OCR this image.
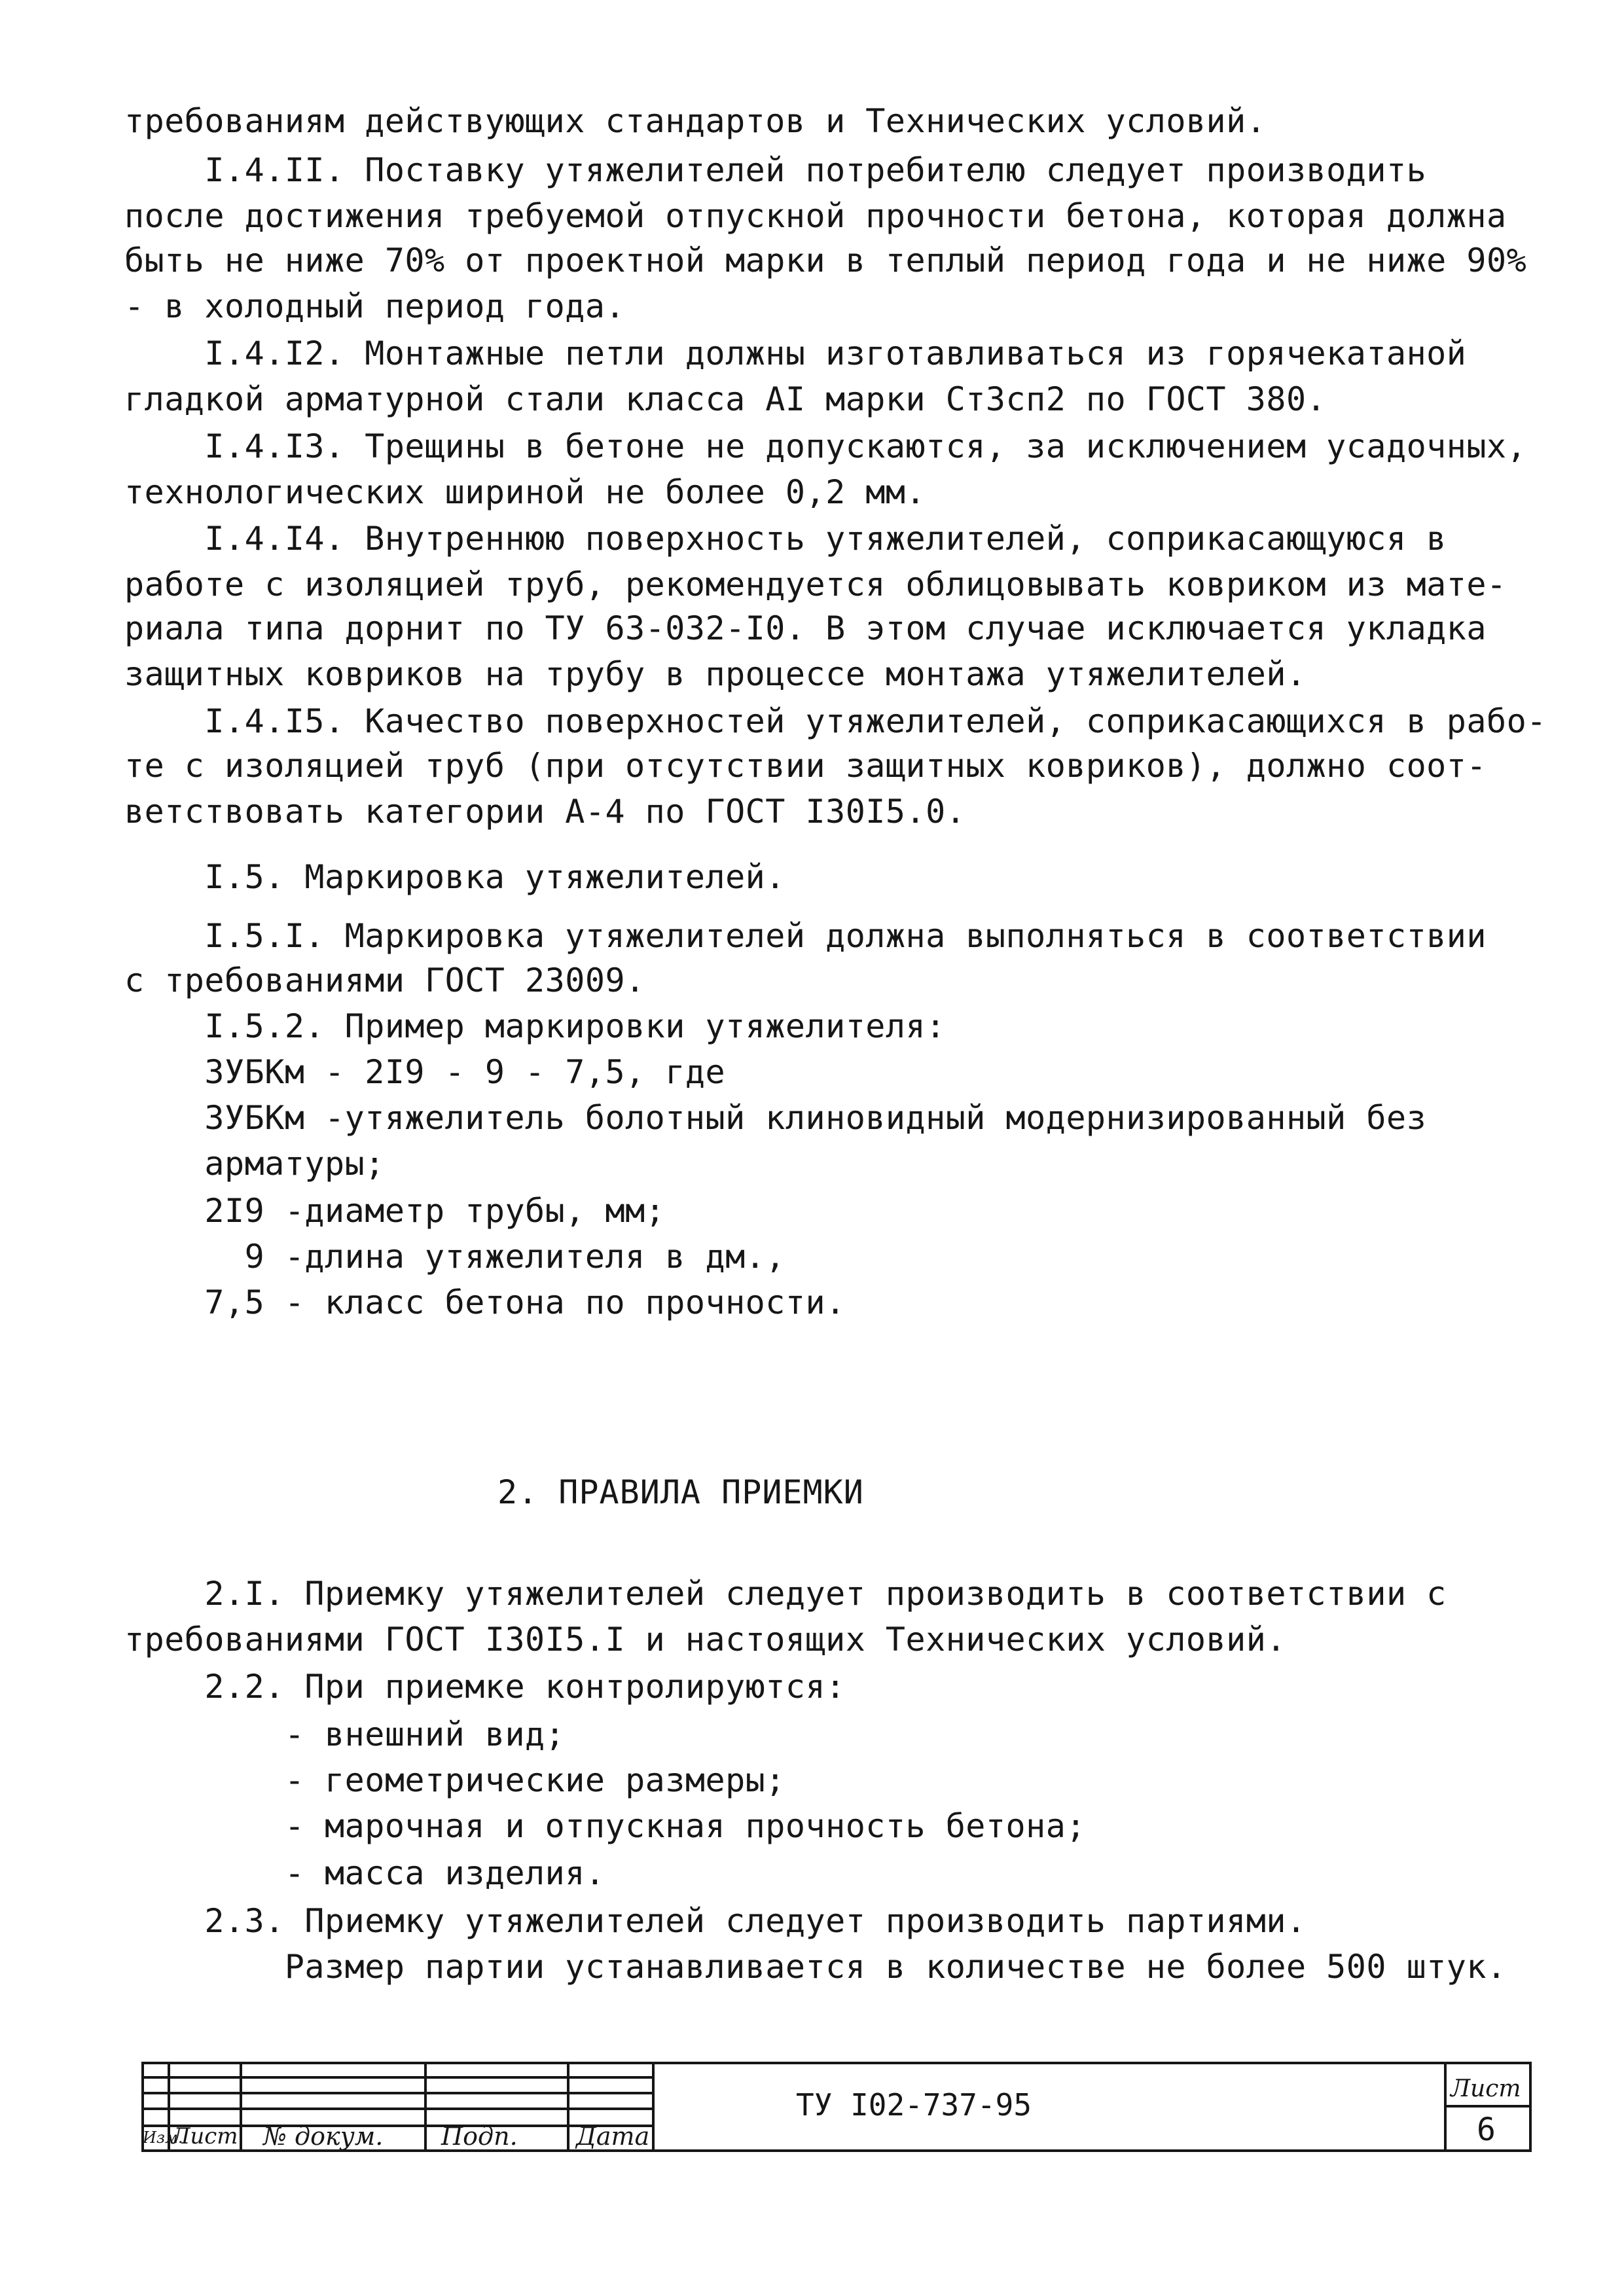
требованиям действующих стандартов и Технических условий.
I.4.II. Поставку утяжелителей потребителю следует производить
после достижения требуемой отпускной прочности бетона, которая должна
быть не ниже 70% от проектной марки в теплый период года и не ниже 90%
- в холодный период года.
I.4.I2. Монтажные петли должны изготавливаться из горячекатаной
гладкой арматурной стали класса AI марки Ст3сп2 по ГОСТ 380.
I.4.I3. Трещины в бетоне не допускаются, за исключением усадочных,
технологических шириной не более 0,2 мм.
I.4.I4. Внутреннюю поверхность утяжелителей, соприкасающуюся в
работе с изоляцией труб, рекомендуется облицовывать ковриком из мате-
риала типа дорнит по ТУ 63-032-I0. В этом случае исключается укладка
защитных ковриков на трубу в процессе монтажа утяжелителей.
I.4.I5. Качество поверхностей утяжелителей, соприкасающихся в рабо-
те с изоляцией труб (при отсутствии защитных ковриков), должно соот-
ветствовать категории А-4 по ГОСТ I30I5.0.
I.5. Маркировка утяжелителей.
I.5.I. Маркировка утяжелителей должна выполняться в соответствии
с требованиями ГОСТ 23009.
I.5.2. Пример маркировки утяжелителя:
ЗУБКм - 2I9 - 9 - 7,5, где
ЗУБКм -утяжелитель болотный клиновидный модернизированный без
арматуры;
2I9 -диаметр трубы, мм;
9 -длина утяжелителя в дм.,
7,5 - класс бетона по прочности.
2. ПРАВИЛА ПРИЕМКИ
2.I. Приемку утяжелителей следует производить в соответствии с
требованиями ГОСТ I30I5.I и настоящих Технических условий.
2.2. При приемке контролируются:
- внешний вид;
- геометрические размеры;
- марочная и отпускная прочность бетона;
- масса изделия.
2.3. Приемку утяжелителей следует производить партиями.
Размер партии устанавливается в количестве не более 500 штук.
Изм.
Лист № докум. Подп. Дата
ТУ I02-737-95	Лист
6
